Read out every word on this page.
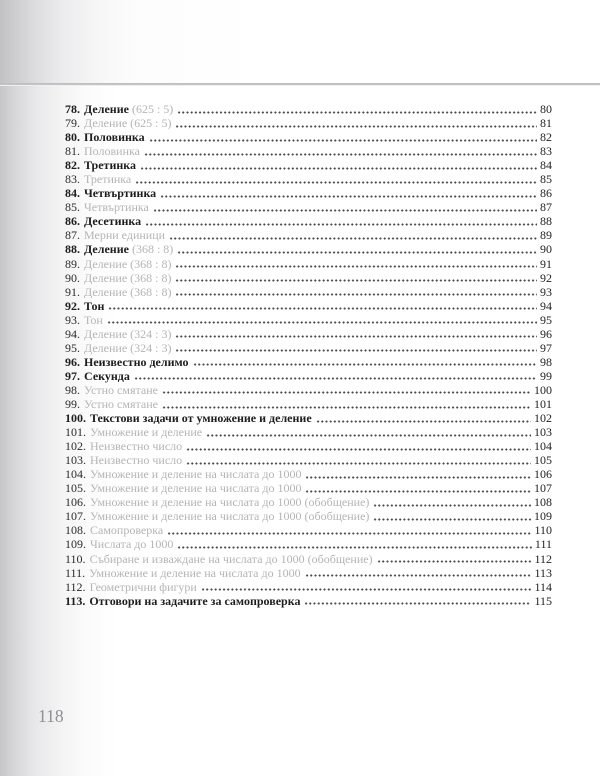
78. Деление (625 : 5)	80
79. Деление (625 : 5)	81
80. Половинка	82
81. Половинка	83
82. Третинка	84
83. Третинка	85
84. Четвъртинка	86
85. Четвъртинка	87
86. Десетинка	88
87. Мерни единици	89
88. Деление (368 : 8)	90
89. Деление (368 : 8)	91
90. Деление (368 : 8)	92
91. Деление (368 : 8)	93
92. Тон	94
93. Тон	95
94. Деление (324 : 3)	96
95. Деление (324 : 3)	97
96. Неизвестно делимо	98
97. Секунда	99
98. Устно смятане	100
99. Устно смятане	101
100. Текстови задачи от умножение и деление	102
101. Умножение и деление	103
102. Неизвестно число	104
103. Неизвестно число	105
104. Умножение и деление на числата до 1000	106
105. Умножение и деление на числата до 1000	107
106. Умножение и деление на числата до 1000 (обобщение)	108
107. Умножение и деление на числата до 1000 (обобщение)	109
108. Самопроверка	110
109. Числата до 1000	111
110. Събиране и изваждане на числата до 1000 (обобщение)	112
111. Умножение и деление на числата до 1000	113
112. Геометрични фигури	114
113. Отговори на задачите за самопроверка	115
118
